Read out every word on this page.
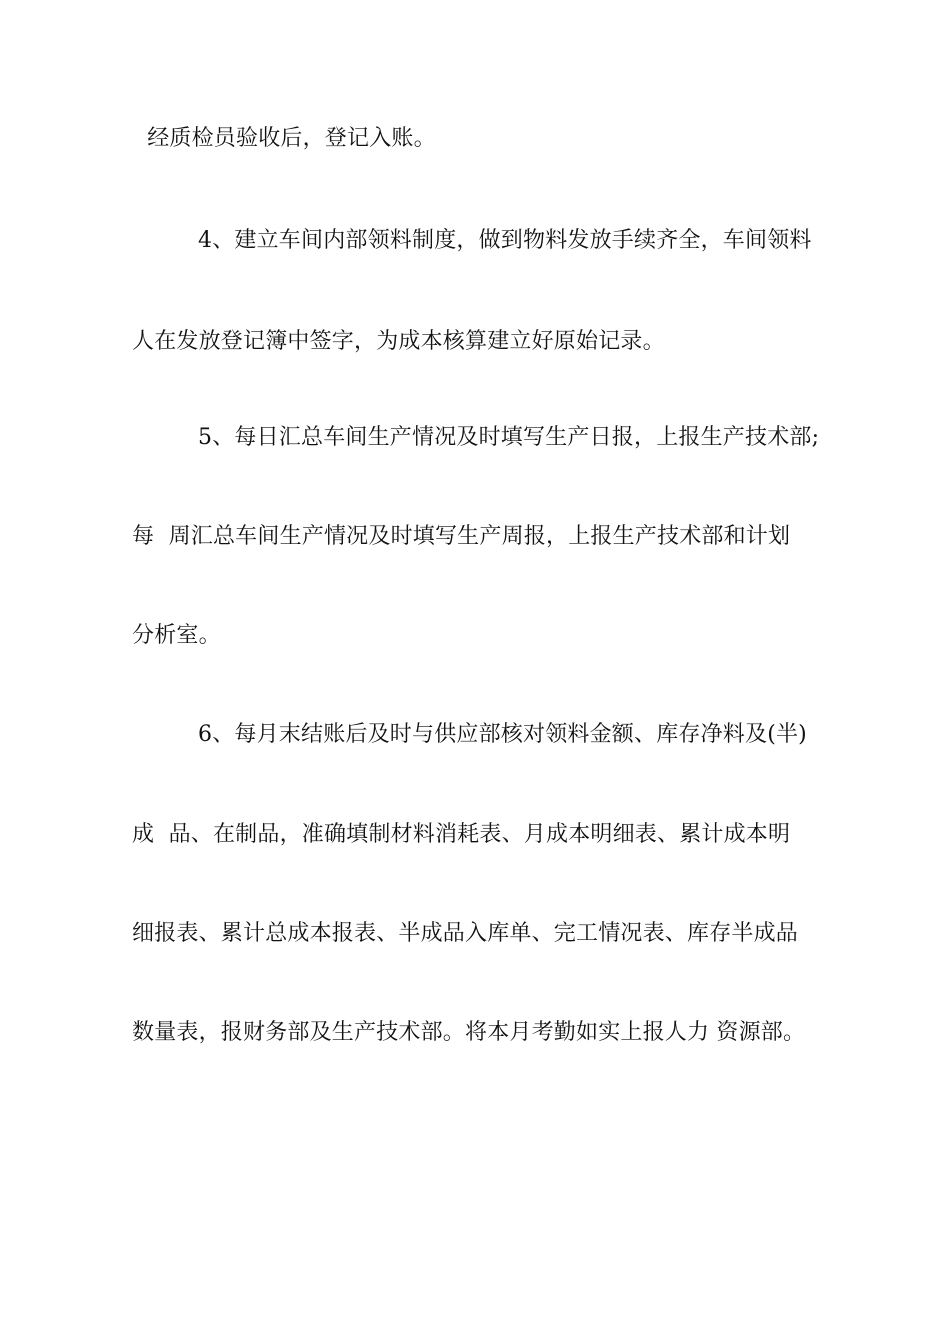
经质检员验收后，登记入账。
4、建立车间内部领料制度，做到物料发放手续齐全，车间领料
人在发放登记簿中签字，为成本核算建立好原始记录。
5、每日汇总车间生产情况及时填写生产日报，上报生产技术部;
每  周汇总车间生产情况及时填写生产周报，上报生产技术部和计划
分析室。
6、每月末结账后及时与供应部核对领料金额、库存净料及(半)
成  品、在制品，准确填制材料消耗表、月成本明细表、累计成本明
细报表、累计总成本报表、半成品入库单、完工情况表、库存半成品
数量表，报财务部及生产技术部。将本月考勤如实上报人力 资源部。
